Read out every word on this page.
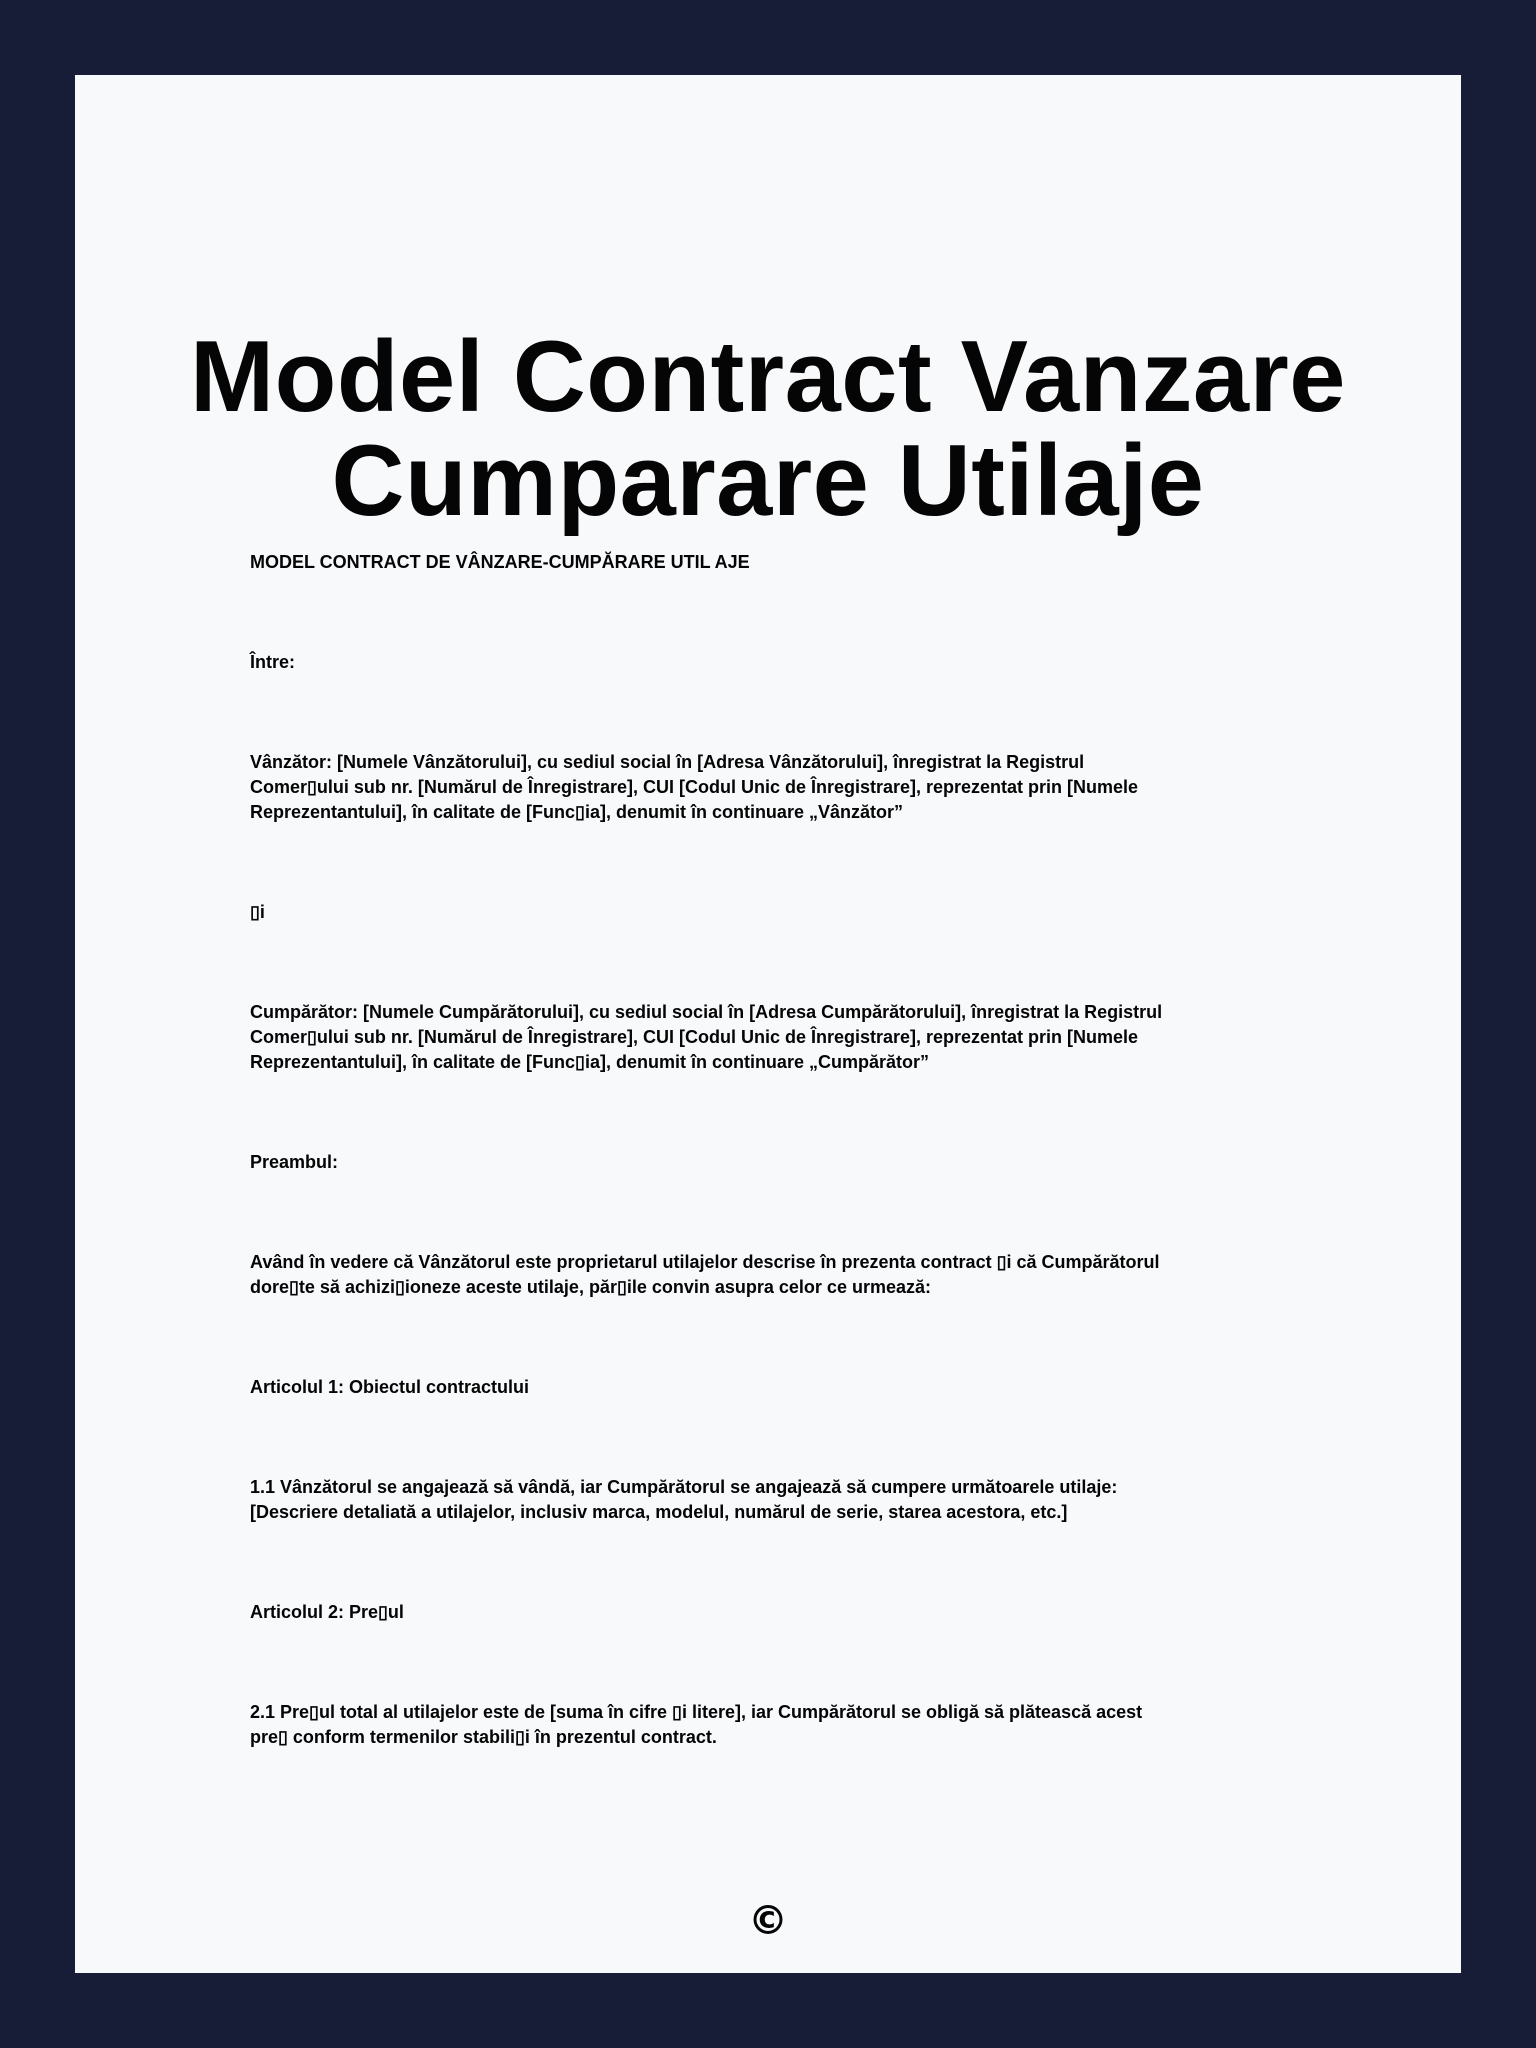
Model Contract Vanzare
Cumparare Utilaje

MODEL CONTRACT DE VÂNZARE-CUMPĂRARE UTIL AJE

Între:

Vânzător: [Numele Vânzătorului], cu sediul social în [Adresa Vânzătorului], înregistrat la Registrul
Comer▯ului sub nr. [Numărul de Înregistrare], CUI [Codul Unic de Înregistrare], reprezentat prin [Numele
Reprezentantului], în calitate de [Func▯ia], denumit în continuare „Vânzător”

▯i

Cumpărător: [Numele Cumpărătorului], cu sediul social în [Adresa Cumpărătorului], înregistrat la Registrul
Comer▯ului sub nr. [Numărul de Înregistrare], CUI [Codul Unic de Înregistrare], reprezentat prin [Numele
Reprezentantului], în calitate de [Func▯ia], denumit în continuare „Cumpărător”

Preambul:

Având în vedere că Vânzătorul este proprietarul utilajelor descrise în prezenta contract ▯i că Cumpărătorul
dore▯te să achizi▯ioneze aceste utilaje, păr▯ile convin asupra celor ce urmează:

Articolul 1: Obiectul contractului

1.1 Vânzătorul se angajează să vândă, iar Cumpărătorul se angajează să cumpere următoarele utilaje:
[Descriere detaliată a utilajelor, inclusiv marca, modelul, numărul de serie, starea acestora, etc.]

Articolul 2: Pre▯ul

2.1 Pre▯ul total al utilajelor este de [suma în cifre ▯i litere], iar Cumpărătorul se obligă să plătească acest
pre▯ conform termenilor stabili▯i în prezentul contract.

©
